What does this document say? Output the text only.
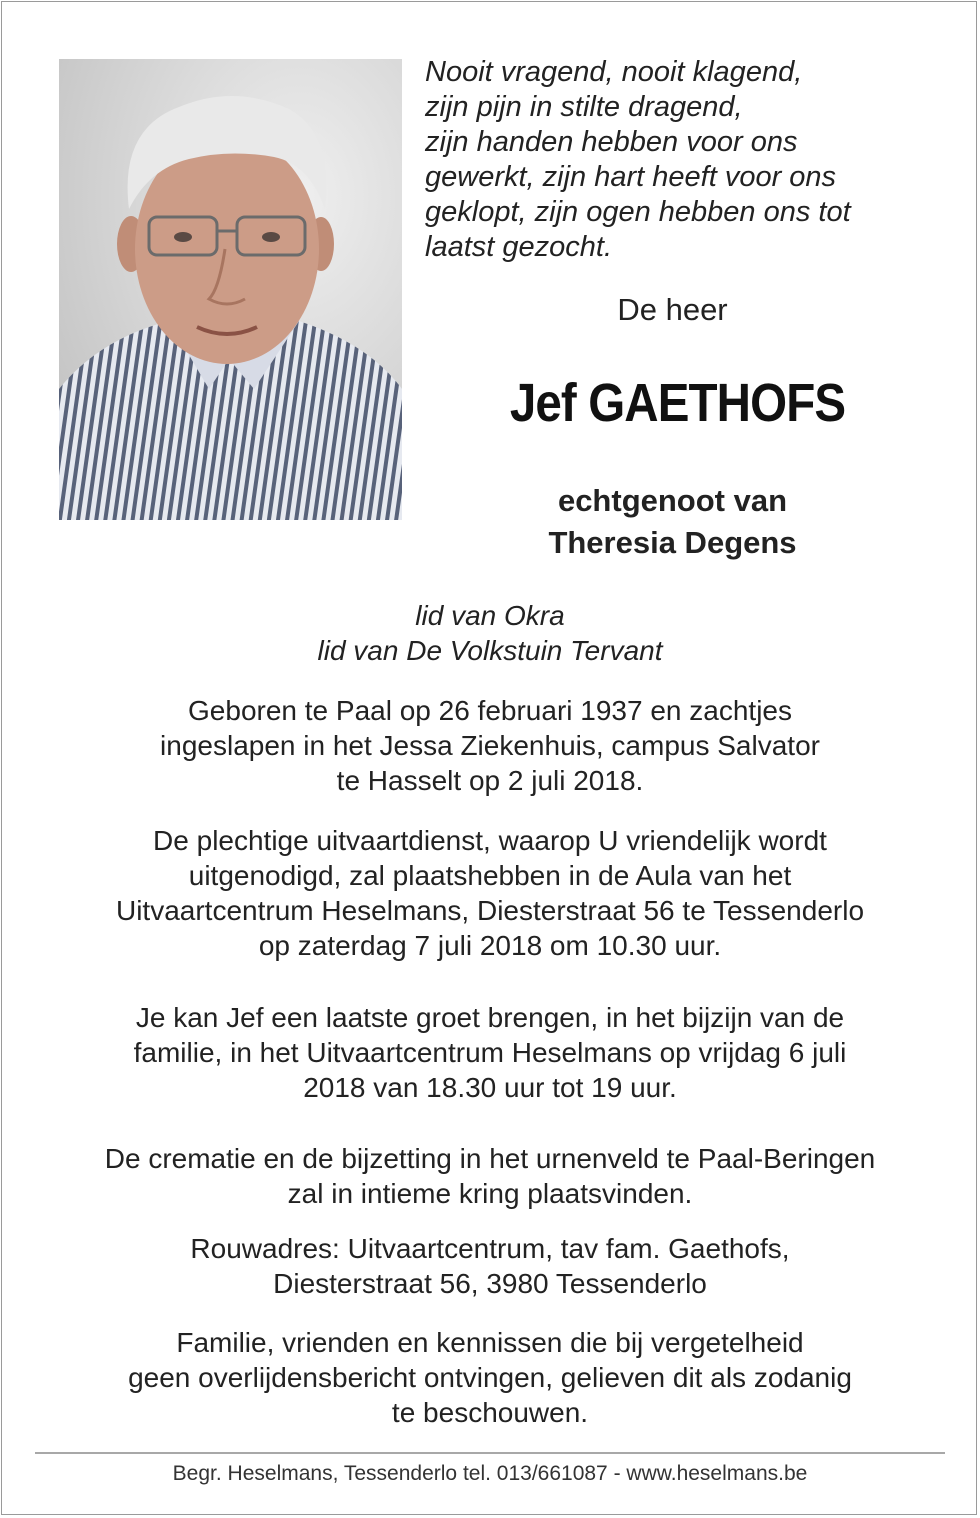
Nooit vragend, nooit klagend,
zijn pijn in stilte dragend,
zijn handen hebben voor ons
gewerkt, zijn hart heeft voor ons
geklopt, zijn ogen hebben ons tot
laatst gezocht.
De heer
Jef GAETHOFS
echtgenoot van
Theresia Degens
lid van Okra
lid van De Volkstuin Tervant
Geboren te Paal op 26 februari 1937 en zachtjes
ingeslapen in het Jessa Ziekenhuis, campus Salvator
te Hasselt op 2 juli 2018.
De plechtige uitvaartdienst, waarop U vriendelijk wordt
uitgenodigd, zal plaatshebben in de Aula van het
Uitvaartcentrum Heselmans, Diesterstraat 56 te Tessenderlo
op zaterdag 7 juli 2018 om 10.30 uur.
Je kan Jef een laatste groet brengen, in het bijzijn van de
familie, in het Uitvaartcentrum Heselmans op vrijdag 6 juli
2018 van 18.30 uur tot 19 uur.
De crematie en de bijzetting in het urnenveld te Paal-Beringen
zal in intieme kring plaatsvinden.
Rouwadres: Uitvaartcentrum, tav fam. Gaethofs,
Diesterstraat 56, 3980 Tessenderlo
Familie, vrienden en kennissen die bij vergetelheid
geen overlijdensbericht ontvingen, gelieven dit als zodanig
te beschouwen.
Begr. Heselmans, Tessenderlo tel. 013/661087 - www.heselmans.be
